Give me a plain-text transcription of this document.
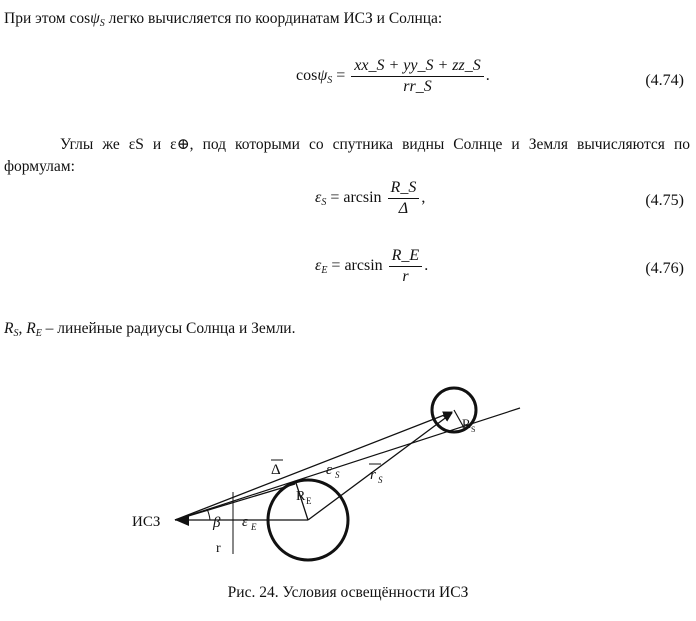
При этом cosψ$_S$ легко вычисляется по координатам ИСЗ и Солнца:
$\cos\psi_S = \frac{xx\_S + yy\_S + zz\_S}{rr\_S}$ .	(4.74)
Углы же εS и ε⊕, под которыми со спутника видны Солнце и Земля вычисляются по формулам:
$\varepsilon_S = \arcsin \frac{R\_S}{\Delta}$ ,	(4.75)
$\varepsilon_E = \arcsin \frac{R\_E}{r}$ .	(4.76)
$R_S$, $R_E$ – линейные радиусы Солнца и Земли.
ИСЗ	β
r
ε E
R E
Δ	ε S r S
R S
Рис. 24. Условия освещённости ИСЗ
